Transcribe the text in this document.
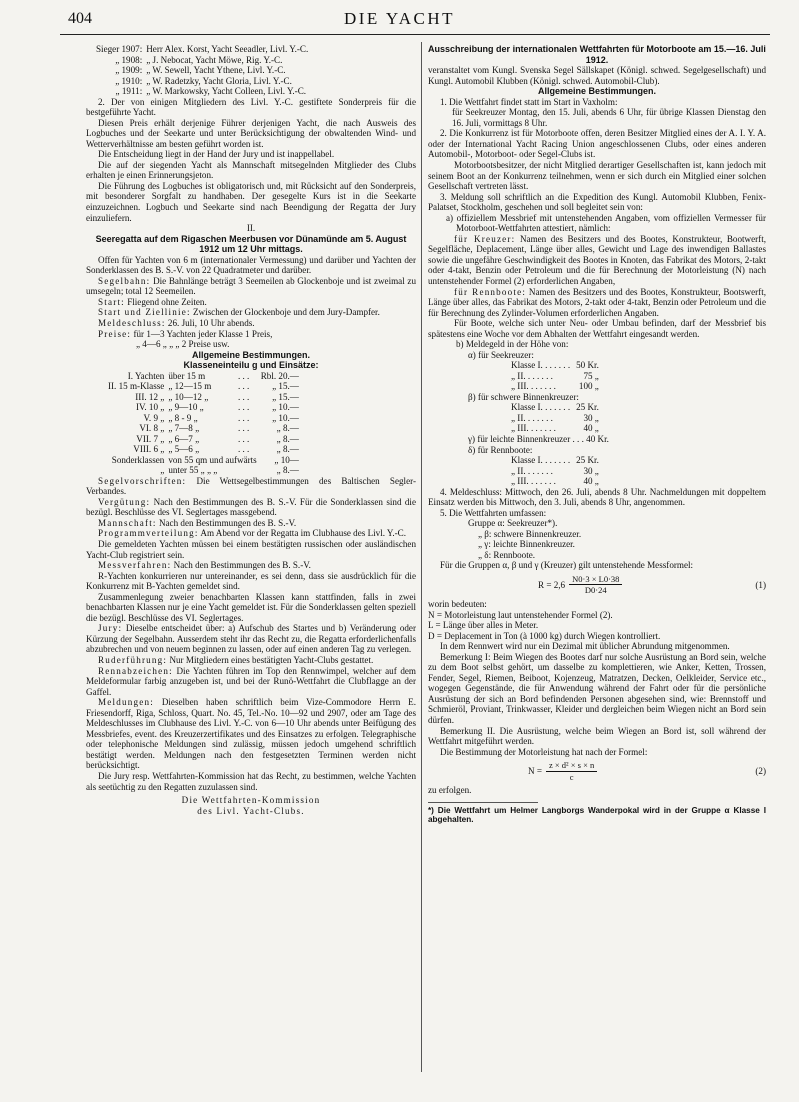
404	DIE YACHT
Sieger 1907:	Herr Alex. Korst, Yacht Seeadler, Livl. Y.-C.
„ 1908:	„ J. Nebocat, Yacht Möwe, Rig. Y.-C.
„ 1909:	„ W. Sewell, Yacht Ythene, Livl. Y.-C.
„ 1910:	„ W. Radetzky, Yacht Gloria, Livl. Y.-C.
„ 1911:	„ W. Markowsky, Yacht Colleen, Livl. Y.-C.

2. Der von einigen Mitgliedern des Livl. Y.-C. gestiftete Sonderpreis für die bestgeführte Yacht.

Diesen Preis erhält derjenige Führer derjenigen Yacht, die nach Ausweis des Logbuches und der Seekarte und unter Berücksichtigung der obwaltenden Wind- und Wetterverhältnisse am besten geführt worden ist.

Die Entscheidung liegt in der Hand der Jury und ist inappellabel.

Die auf der siegenden Yacht als Mannschaft mitsegelnden Mitglieder des Clubs erhalten je einen Erinnerungsjeton.

Die Führung des Logbuches ist obligatorisch und, mit Rücksicht auf den Sonderpreis, mit besonderer Sorgfalt zu handhaben. Der gesegelte Kurs ist in die Seekarte einzuzeichnen. Logbuch und Seekarte sind nach Beendigung der Regatta der Jury einzuliefern.

II.

Seeregatta auf dem Rigaschen Meerbusen vor Dünamünde am 5. August 1912 um 12 Uhr mittags.

Offen für Yachten von 6 m (internationaler Vermessung) und darüber und Yachten der Sonderklassen des B. S.-V. von 22 Quadratmeter und darüber.

Segelbahn: Die Bahnlänge beträgt 3 Seemeilen ab Glockenboje und ist zweimal zu umsegeln; total 12 Seemeilen.

Start: Fliegend ohne Zeiten.

Start und Ziellinie: Zwischen der Glockenboje und dem Jury-Dampfer.

Meldeschluss: 26. Juli, 10 Uhr abends.

Preise: für 1—3 Yachten jeder Klasse 1 Preis,

„ 4—6 „ „ „ 2 Preise usw.

Allgemeine Bestimmungen.

Klasseneinteilu g und Einsätze:

I. Yachten	über 15 m	. . .	Rbl. 20.—
II. 15 m-Klasse	„ 12—15 m	. . .	„ 15.—
III. 12 „	„ 10—12 „	. . .	„ 15.—
IV. 10 „	„ 9—10 „	. . .	„ 10.—
V. 9 „	„ 8 - 9 „	. . .	„ 10.—
VI. 8 „	„ 7—8 „	. . .	„ 8.—
VII. 7 „	„ 6—7 „	. . .	„ 8.—
VIII. 6 „	„ 5—6 „	. . .	„ 8.—
Sonderklassen	von 55 qm und aufwärts		„ 10—
„	unter 55 „ „ „		„ 8.—

Segelvorschriften: Die Wettsegelbestimmungen des Baltischen Segler-Verbandes.

Vergütung: Nach den Bestimmungen des B. S.-V. Für die Sonderklassen sind die bezügl. Beschlüsse des VI. Seglertages massgebend.

Mannschaft: Nach den Bestimmungen des B. S.-V.

Programmverteilung: Am Abend vor der Regatta im Clubhause des Livl. Y.-C.

Die gemeldeten Yachten müssen bei einem bestätigten russischen oder ausländischen Yacht-Club registriert sein.

Messverfahren: Nach den Bestimmungen des B. S.-V.

R-Yachten konkurrieren nur untereinander, es sei denn, dass sie ausdrücklich für die Konkurrenz mit B-Yachten gemeldet sind.

Zusammenlegung zweier benachbarten Klassen kann stattfinden, falls in zwei benachbarten Klassen nur je eine Yacht gemeldet ist. Für die Sonderklassen gelten speziell die bezügl. Beschlüsse des VI. Seglertages.

Jury: Dieselbe entscheidet über: a) Aufschub des Startes und b) Veränderung oder Kürzung der Segelbahn. Ausserdem steht ihr das Recht zu, die Regatta erforderlichenfalls abzubrechen und von neuem beginnen zu lassen, oder auf einen anderen Tag zu verlegen.

Ruderführung: Nur Mitgliedern eines bestätigten Yacht-Clubs gestattet.

Rennabzeichen: Die Yachten führen im Top den Rennwimpel, welcher auf dem Meldeformular farbig anzugeben ist, und bei der Runö-Wettfahrt die Clubflagge an der Gaffel.

Meldungen: Dieselben haben schriftlich beim Vize-Commodore Herrn E. Friesendorff, Riga, Schloss, Quart. No. 45, Tel.-No. 10—92 und 2907, oder am Tage des Meldeschlusses im Clubhause des Livl. Y.-C. von 6—10 Uhr abends unter Beifügung des Messbriefes, event. des Kreuzerzertifikates und des Einsatzes zu erfolgen. Telegraphische oder telephonische Meldungen sind zulässig, müssen jedoch umgehend schriftlich bestätigt werden. Meldungen nach den festgesetzten Terminen werden nicht berücksichtigt.

Die Jury resp. Wettfahrten-Kommission hat das Recht, zu bestimmen, welche Yachten als seetüchtig zu den Regatten zuzulassen sind.

Die Wettfahrten-Kommission

des Livl. Yacht-Clubs.

Ausschreibung der internationalen Wettfahrten für Motorboote am 15.—16. Juli 1912.

veranstaltet vom Kungl. Svenska Segel Sällskapet (Königl. schwed. Segelgesellschaft) und Kungl. Automobil Klubben (Königl. schwed. Automobil-Club).

Allgemeine Bestimmungen.

1. Die Wettfahrt findet statt im Start in Vaxholm:

für Seekreuzer Montag, den 15. Juli, abends 6 Uhr, für übrige Klassen Dienstag den 16. Juli, vormittags 8 Uhr.

2. Die Konkurrenz ist für Motorboote offen, deren Besitzer Mitglied eines der A. I. Y. A. oder der International Yacht Racing Union angeschlossenen Clubs, oder eines anderen Automobil-, Motorboot- oder Segel-Clubs ist.

Motorbootsbesitzer, der nicht Mitglied derartiger Gesellschaften ist, kann jedoch mit seinem Boot an der Konkurrenz teilnehmen, wenn er sich durch ein Mitglied einer solchen Gesellschaft vertreten lässt.

3. Meldung soll schriftlich an die Expedition des Kungl. Automobil Klubben, Fenix-Palatset, Stockholm, geschehen und soll begleitet sein von:

a) offiziellem Messbrief mit untenstehenden Angaben, vom offiziellen Vermesser für Motorboot-Wettfahrten attestiert, nämlich:

für Kreuzer: Namen des Besitzers und des Bootes, Konstrukteur, Bootwerft, Segelfläche, Deplacement, Länge über alles, Gewicht und Lage des inwendigen Ballastes sowie die ungefähre Geschwindigkeit des Bootes in Knoten, das Fabrikat des Motors, 2-takt oder 4-takt, Benzin oder Petroleum und die für Berechnung der Motorleistung (N) nach untenstehender Formel (2) erforderlichen Angaben,

für Rennboote: Namen des Besitzers und des Bootes, Konstrukteur, Bootswerft, Länge über alles, das Fabrikat des Motors, 2-takt oder 4-takt, Benzin oder Petroleum und die für Berechnung des Zylinder-Volumen erforderlichen Angaben.

Für Boote, welche sich unter Neu- oder Umbau befinden, darf der Messbrief bis spätestens eine Woche vor dem Abhalten der Wettfahrt eingesandt werden.

b) Meldegeld in der Höhe von:

α) für Seekreuzer:
Klasse I. . . . . . .	50 Kr.
„ II. . . . . . .	75 „
„ III. . . . . . .	100 „
β) für schwere Binnenkreuzer:
Klasse I. . . . . . .	25 Kr.
„ II. . . . . . .	30 „
„ III. . . . . . .	40 „
γ) für leichte Binnenkreuzer . . . 40 Kr.
δ) für Rennboote:
Klasse I. . . . . . .	25 Kr.
„ II. . . . . . .	30 „
„ III. . . . . . .	40 „

4. Meldeschluss: Mittwoch, den 26. Juli, abends 8 Uhr. Nachmeldungen mit doppeltem Einsatz werden bis Mittwoch, den 3. Juli, abends 8 Uhr, angenommen.

5. Die Wettfahrten umfassen:

Gruppe α: Seekreuzer*).
„ β: schwere Binnenkreuzer.
„ γ: leichte Binnenkreuzer.
„ δ: Rennboote.

Für die Gruppen α, β und γ (Kreuzer) gilt untenstehende Messformel:

$R = 2,6 \frac{N0\cdot 3 \times L0\cdot 38}{D0\cdot 24}$	(1)

worin bedeuten:

N = Motorleistung laut untenstehender Formel (2).
L = Länge über alles in Meter.
D = Deplacement in Ton (à 1000 kg) durch Wiegen kontrolliert.

In dem Rennwert wird nur ein Dezimal mit üblicher Abrundung mitgenommen.

Bemerkung I: Beim Wiegen des Bootes darf nur solche Ausrüstung an Bord sein, welche zu dem Boot selbst gehört, um dasselbe zu komplettieren, wie Anker, Ketten, Trossen, Fender, Segel, Riemen, Beiboot, Kojenzeug, Matratzen, Decken, Oelkleider, Service etc., wogegen Gegenstände, die für Anwendung während der Fahrt oder für die persönliche Ausrüstung der sich an Bord befindenden Personen abgesehen sind, wie: Brennstoff und Schmieröl, Proviant, Trinkwasser, Kleider und dergleichen beim Wiegen nicht an Bord sein dürfen.

Bemerkung II. Die Ausrüstung, welche beim Wiegen an Bord ist, soll während der Wettfahrt mitgeführt werden.

Die Bestimmung der Motorleistung hat nach der Formel:

$N = \frac{\text{z × d² × s × n}}{c}$	(2)

zu erfolgen.

*) Die Wettfahrt um Helmer Langborgs Wanderpokal wird in der Gruppe α Klasse I abgehalten.
